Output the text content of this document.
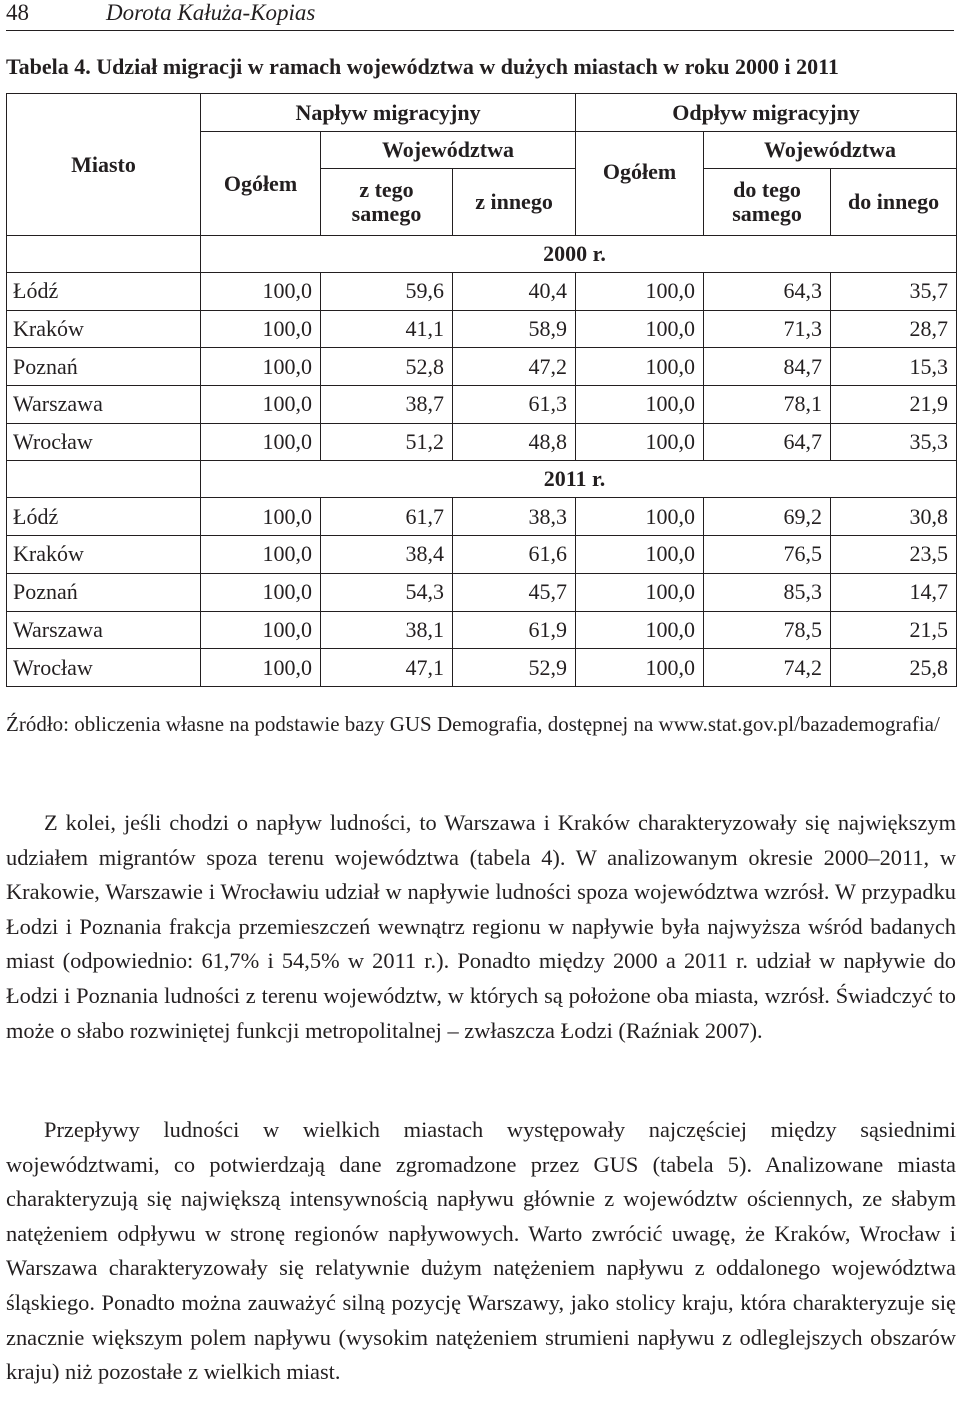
48	Dorota Kałuża-Kopias
Tabela 4. Udział migracji w ramach województwa w dużych miastach w roku 2000 i 2011
Miasto	Napływ migracyjny			Odpływ migracyjny		
	Ogółem	Województwa		Ogółem	Województwa	
		z tego samego	z innego		do tego samego	do innego
	2000 r.					
Łódź	100,0	59,6	40,4	100,0	64,3	35,7
Kraków	100,0	41,1	58,9	100,0	71,3	28,7
Poznań	100,0	52,8	47,2	100,0	84,7	15,3
Warszawa	100,0	38,7	61,3	100,0	78,1	21,9
Wrocław	100,0	51,2	48,8	100,0	64,7	35,3
	2011 r.					
Łódź	100,0	61,7	38,3	100,0	69,2	30,8
Kraków	100,0	38,4	61,6	100,0	76,5	23,5
Poznań	100,0	54,3	45,7	100,0	85,3	14,7
Warszawa	100,0	38,1	61,9	100,0	78,5	21,5
Wrocław	100,0	47,1	52,9	100,0	74,2	25,8
Źródło: obliczenia własne na podstawie bazy GUS Demografia, dostępnej na www.stat.gov.pl/bazademografia/

Z kolei, jeśli chodzi o napływ ludności, to Warszawa i Kraków charakteryzowały się największym udziałem migrantów spoza terenu województwa (tabela 4). W analizowanym okresie 2000–2011, w Krakowie, Warszawie i Wrocławiu udział w napływie ludności spoza województwa wzrósł. W przypadku Łodzi i Poznania frakcja przemieszczeń wewnątrz regionu w napływie była najwyższa wśród badanych miast (odpowiednio: 61,7% i 54,5% w 2011 r.). Ponadto między 2000 a 2011 r. udział w napływie do Łodzi i Poznania ludności z terenu województw, w których są położone oba miasta, wzrósł. Świadczyć to może o słabo rozwiniętej funkcji metropolitalnej – zwłaszcza Łodzi (Raźniak 2007).

Przepływy ludności w wielkich miastach występowały najczęściej między sąsiednimi województwami, co potwierdzają dane zgromadzone przez GUS (tabela 5). Analizowane miasta charakteryzują się największą intensywnością napływu głównie z województw ościennych, ze słabym natężeniem odpływu w stronę regionów napływowych. Warto zwrócić uwagę, że Kraków, Wrocław i Warszawa charakteryzowały się relatywnie dużym natężeniem napływu z oddalonego województwa śląskiego. Ponadto można zauważyć silną pozycję Warszawy, jako stolicy kraju, która charakteryzuje się znacznie większym polem napływu (wysokim natężeniem strumieni napływu z odleglejszych obszarów kraju) niż pozostałe z wielkich miast.
